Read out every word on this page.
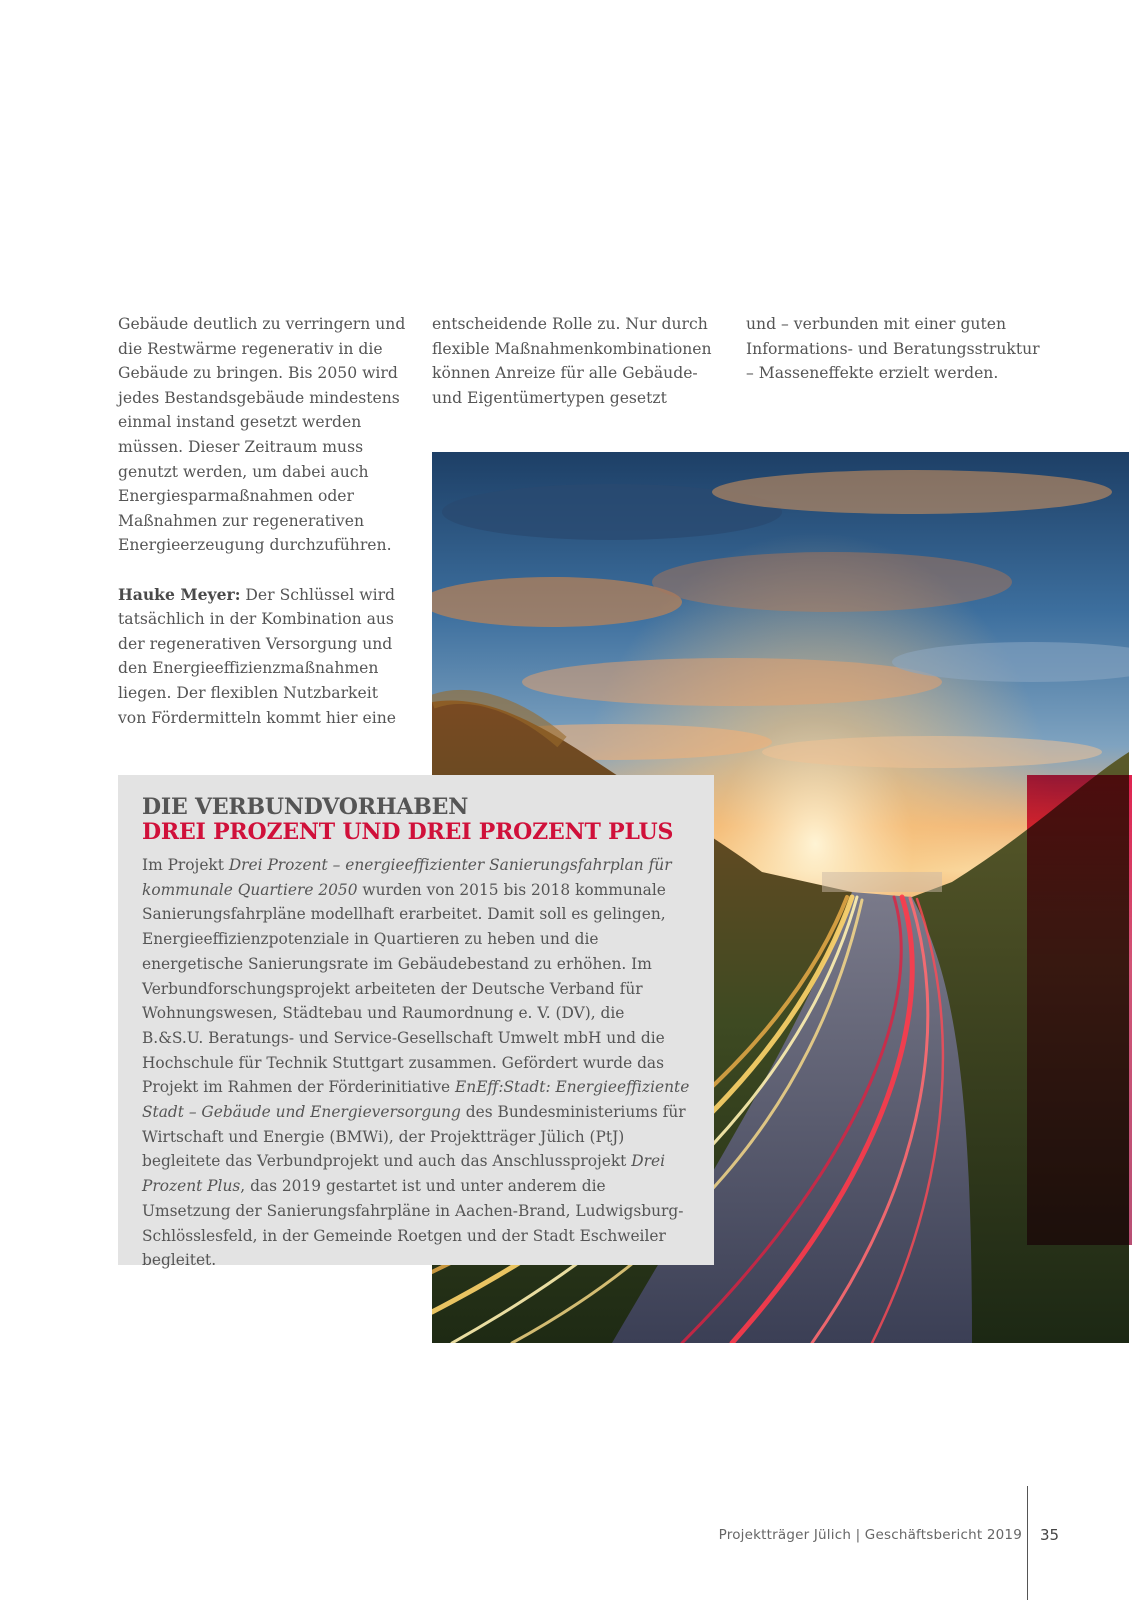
Gebäude deutlich zu verringern und die Restwärme regenerativ in die Gebäude zu bringen. Bis 2050 wird jedes Bestandsgebäude mindestens einmal instand gesetzt werden müssen. Dieser Zeitraum muss genutzt werden, um dabei auch Energiesparmaßnahmen oder Maßnahmen zur regenerativen Energieerzeugung durchzuführen.

Hauke Meyer: Der Schlüssel wird tatsächlich in der Kombination aus der regenerativen Versorgung und den Energieeffizienzmaßnahmen liegen. Der flexiblen Nutzbarkeit von Fördermitteln kommt hier eine

entscheidende Rolle zu. Nur durch flexible Maßnahmenkombinationen können Anreize für alle Gebäude- und Eigentümertypen gesetzt

und – verbunden mit einer guten Informations- und Beratungsstruktur – Masseneffekte erzielt werden.

DIE VERBUNDVORHABEN
DREI PROZENT UND DREI PROZENT PLUS

Im Projekt Drei Prozent – energieeffizienter Sanierungsfahrplan für kommunale Quartiere 2050 wurden von 2015 bis 2018 kommunale Sanierungsfahrpläne modellhaft erarbeitet. Damit soll es gelingen, Energieeffizienzpotenziale in Quartieren zu heben und die energetische Sanierungsrate im Gebäudebestand zu erhöhen. Im Verbundforschungsprojekt arbeiteten der Deutsche Verband für Wohnungswesen, Städtebau und Raumordnung e. V. (DV), die B.&S.U. Beratungs- und Service-Gesellschaft Umwelt mbH und die Hochschule für Technik Stuttgart zusammen. Gefördert wurde das Projekt im Rahmen der Förderinitiative EnEff:Stadt: Energieeffiziente Stadt – Gebäude und Energieversorgung des Bundesministeriums für Wirtschaft und Energie (BMWi), der Projektträger Jülich (PtJ) begleitete das Verbundprojekt und auch das Anschlussprojekt Drei Prozent Plus, das 2019 gestartet ist und unter anderem die Umsetzung der Sanierungsfahrpläne in Aachen-Brand, Ludwigsburg-Schlösslesfeld, in der Gemeinde Roetgen und der Stadt Eschweiler begleitet.

Projektträger Jülich | Geschäftsbericht 2019 35
